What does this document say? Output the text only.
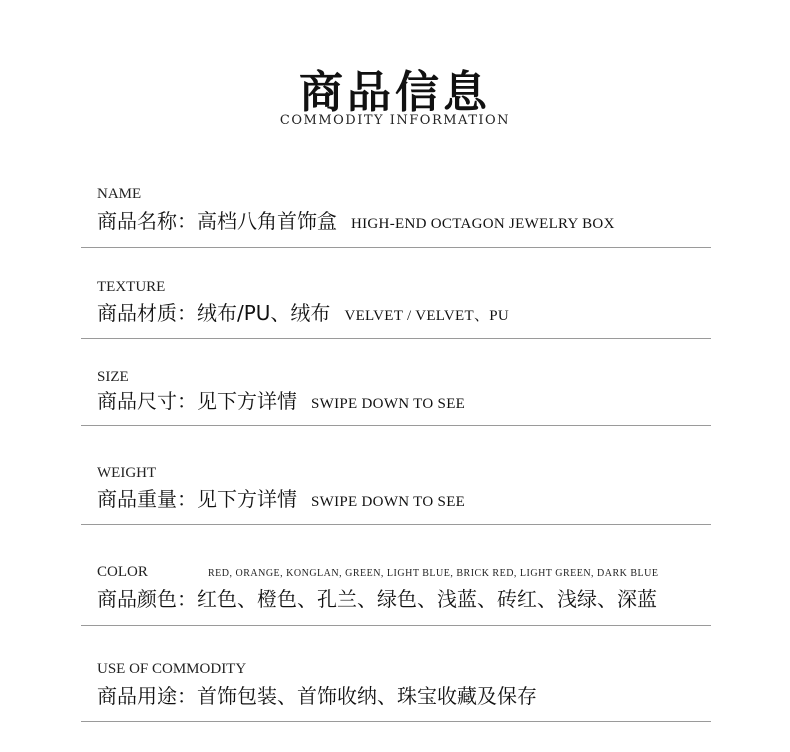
商品信息
COMMODITY INFORMATION
NAME
商品名称：高档八角首饰盒 HIGH-END OCTAGON JEWELRY BOX
TEXTURE
商品材质：绒布/PU、绒布 VELVET / VELVET、PU
SIZE
商品尺寸：见下方详情 SWIPE DOWN TO SEE
WEIGHT
商品重量：见下方详情 SWIPE DOWN TO SEE
COLOR	RED, ORANGE, KONGLAN, GREEN, LIGHT BLUE, BRICK RED, LIGHT GREEN, DARK BLUE
商品颜色：红色、橙色、孔兰、绿色、浅蓝、砖红、浅绿、深蓝
USE OF COMMODITY
商品用途：首饰包装、首饰收纳、珠宝收藏及保存
